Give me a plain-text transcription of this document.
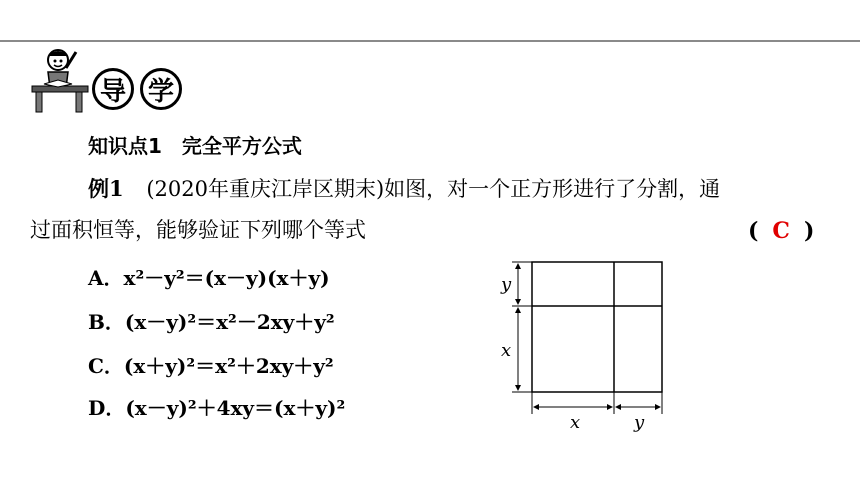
导 学
知识点1　完全平方公式
例1 (2020年重庆江岸区期末)如图，对一个正方形进行了分割，通
过面积恒等，能够验证下列哪个等式	( C )
A．x²－y²＝(x－y)(x＋y)
B．(x－y)²＝x²－2xy＋y²
C．(x＋y)²＝x²＋2xy＋y²
D．(x－y)²＋4xy＝(x＋y)²
y
x
x	y
